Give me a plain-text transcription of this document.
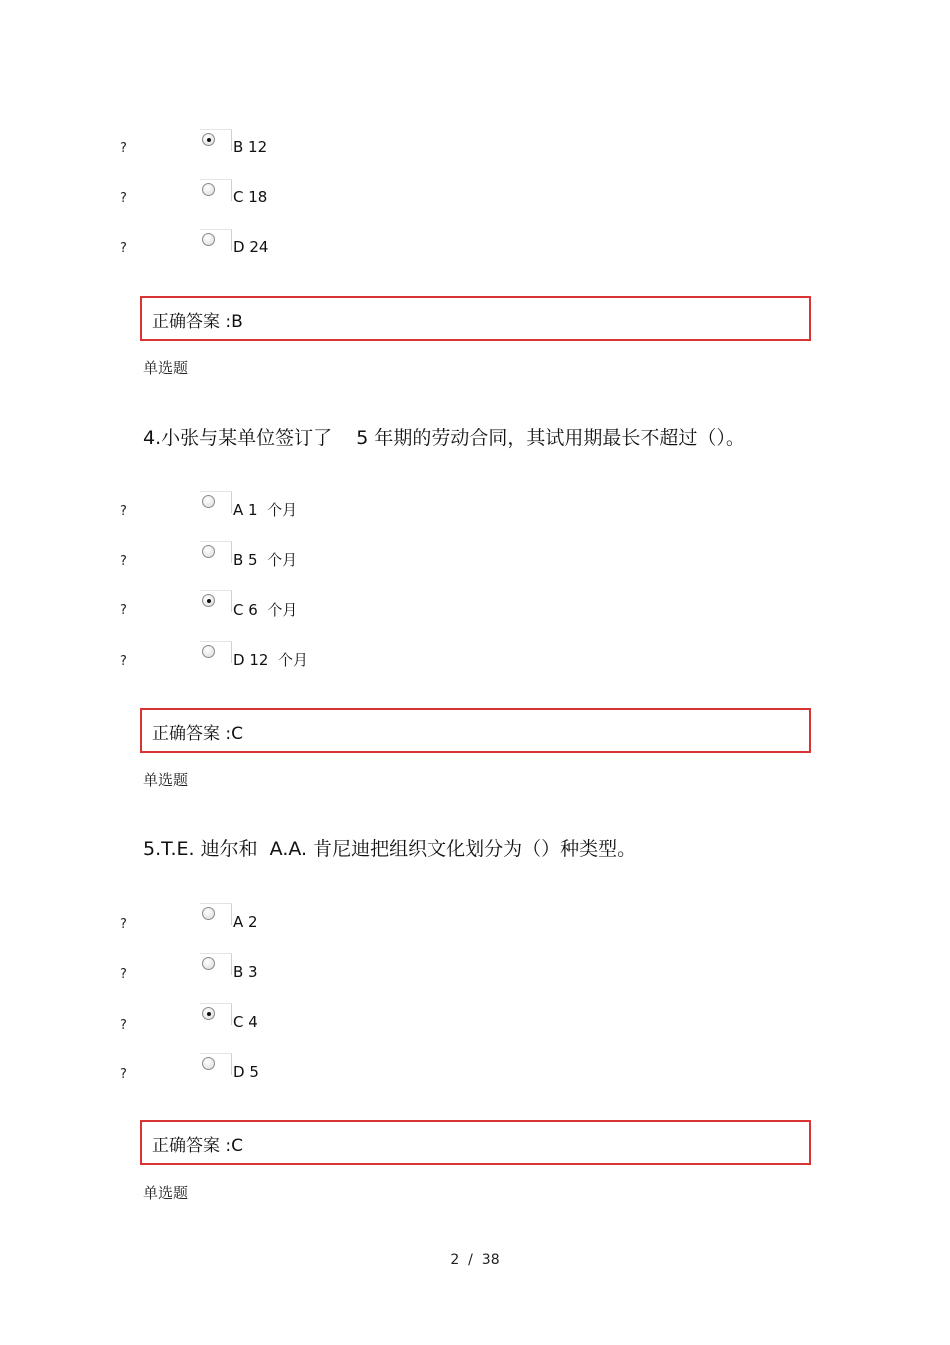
?	B 12
?	C 18
?	D 24
正确答案 :B
单选题
4.小张与某单位签订了    5 年期的劳动合同，其试用期最长不超过（）。
?	A 1  个月
?	B 5  个月
?	C 6  个月
?	D 12  个月
正确答案 :C
单选题
5.T.E. 迪尔和  A.A. 肯尼迪把组织文化划分为（）种类型。
?	A 2
?	B 3
?	C 4
?	D 5
正确答案 :C
单选题
2  /  38
